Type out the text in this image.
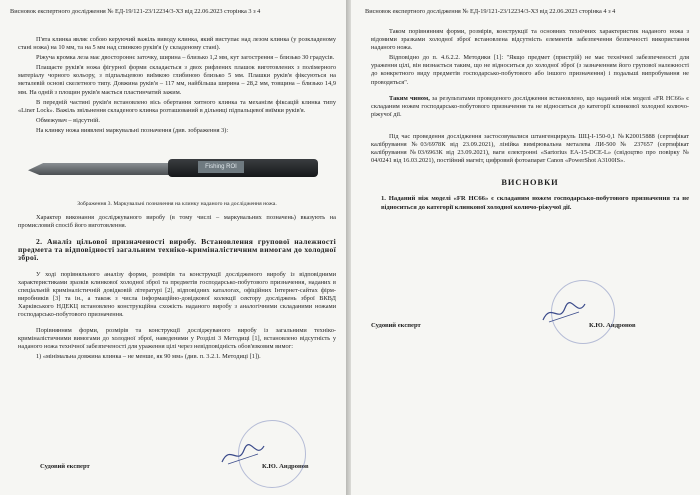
Висновок експертного дослідження № ЕД-19/121-23/12234/3-ХЗ від 22.06.2023 сторінка 3 з 4

П'ята клинка являє собою керуючий важіль виводу клинка, який виступає над лезом клинка (у розкладеному стані ножа) на 10 мм, та на 5 мм над спинкою руків'я (у складеному стані).

Ріжуча кромка леза має двостороннє заточку, ширина – близько 1,2 мм, кут загострення – близько 30 градусів.

Плащаєте руків'я ножа фігурної форми складається з двох рифлених плашок виготовлених з полімерного матеріалу чорного кольору, з підпальцевою виїмкою глибиною близько 5 мм. Плашки руків'я фіксуються на металевій основі скелетного типу. Довжина руків'я – 117 мм, найбільша ширина – 28,2 мм, товщина – близько 14,9 мм. На одній з площин руків'я мається пластинчатий зажим.

В передній частині руків'я встановлено вісь обертання хитного клинка та механізм фіксацій клинка типу «Liner Lock». Важіль звільнення складеного клинка розташований в дільниці підпальцевої виїмки руків'я.

Обмежувач – відсутній.

На клинку ножа виявлені маркувальні позначення (див. зображення 3):

Fishing ROI

Зображення 3. Маркувальні позначення на клинку наданого на дослідження ножа.

Характер виконання досліджуваного виробу (в тому числі – маркувальних позначень) вказують на промисловий спосіб його виготовлення.

2. Аналіз цільової призначеності виробу. Встановлення групової належності предмета та відповідності загальним техніко-криміналістичним вимогам до холодної зброї.

У ході порівняльного аналізу форми, розмірів та конструкції дослідженого виробу із відповідними характеристиками зразків клинкової холодної зброї та предметів господарсько-побутового призначення, наданих в спеціальній криміналістичній довідковій літературі [2], відповідних каталогах, офіційних Інтернет-сайтах фірм-виробників [3] та ін., а також з числа інформаційно-довідкової колекції сектору досліджень зброї ВКВД Харківського НДЕКЦ встановлено конструкційна схожість наданого виробу з аналогічними складаними ножами господарсько-побутового призначення.

Порівнянням форми, розмірів та конструкції досліджуваного виробу із загальними техніко-криміналістичними вимогами до холодної зброї, наведеними у Розділі 3 Методиці [1], встановлено відсутність у наданого ножа технічної забезпеченості для ураження цілі через невідповідність обов'язковим вимог:

1) «мінімальна довжина клинка – не менше, як 90 мм» (див. п. 3.2.1. Методиці [1]).

Судовий експерт	К.Ю. Андронов
Висновок експертного дослідження № ЕД-19/121-23/12234/3-ХЗ від 22.06.2023 сторінка 4 з 4

Таком порівнянням форми, розмірів, конструкції та основних технічних характеристик наданого ножа з відомими зразками холодної зброї встановлена відсутність елементів забезпечення безпечності використання наданого ножа.

Відповідно до п. 4.6.2.2. Методики [1]: "Якщо предмет (пристрій) не має технічної забезпеченості для ураження цілі, він визнається таким, що не відноситься до холодної зброї (з зазначенням його групової належності до конкретного виду предметів господарсько-побутового або іншого призначення) і подальші випробування не проводяться".

Таким чином, за результатами проведеного дослідження встановлено, що наданий ніж моделі «FR НС66» є складаним ножем господарсько-побутового призначення та не відноситься до категорії клинкової холодної колючо-ріжучої дії.

Під час проведення дослідження застосовувалися штангенциркуль ШЦ-І-150-0,1 №К20015888 (сертифікат калібрування №03/6978К від 23.09.2021), лінійка вимірювальна металева ЛИ-500 № 237657 (сертифікат калібрування №03/6963К від 23.09.2021), ваги електронні «Sartorius EA-15-DCE-L» (свідоцтво про повірку № 04/0241 від 16.03.2021), постійний магніт, цифровий фотоапарат Canon «PowerShot A3100IS».

ВИСНОВКИ

1. Наданий ніж моделі «FR НС66» є складаним ножем господарсько-побутового призначення та не відноситься до категорії клинкової холодної колючо-ріжучої дії.

Судовий експерт	К.Ю. Андронов
